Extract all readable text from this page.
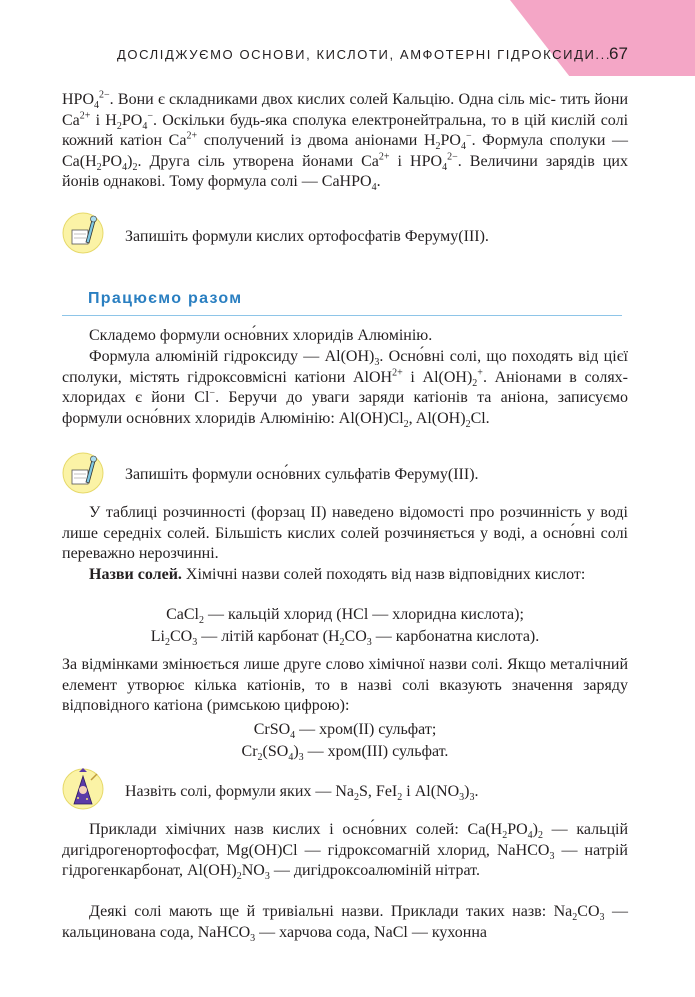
ДОСЛІДЖУЄМО ОСНОВИ, КИСЛОТИ, АМФОТЕРНІ ГІДРОКСИДИ...
67
$HPO_4^{2-}$. Вони є складниками двох кислих солей Кальцію. Одна сіль міс- тить йони $Ca^{2+}$ і $H_2PO_4^-$. Оскільки будь-яка сполука електронейтральна, то в цій кислій солі кожний катіон $Ca^{2+}$ сполучений із двома аніонами $H_2PO_4^-$. Формула сполуки — $Ca(H_2PO_4)_2$. Друга сіль утворена йонами $Ca^{2+}$ і $HPO_4^{2-}$. Величини зарядів цих йонів однакові. Тому формула солі — CaHPO$_4$.
Запишіть формули кислих ортофосфатів Феруму(III).
Працюємо разом
Складемо формули осно́вних хлоридів Алюмінію.
Формула алюміній гідроксиду — $Al(OH)_3$. Осно́вні солі, що походять від цієї сполуки, містять гідроксовмісні катіони AlOH$^{2+}$ і $Al(OH)_2^+$. Аніонами в солях-хлоридах є йони Cl−. Беручи до уваги заряди катіонів та аніона, записуємо формули осно́вних хлоридів Алюмінію: $Al(OH)Cl_2$, $Al(OH)_2Cl$.
Запишіть формули осно́вних сульфатів Феруму(III).
У таблиці розчинності (форзац ІІ) наведено відомості про розчинність у воді лише середніх солей. Більшість кислих солей розчиняється у воді, а осно́вні солі переважно нерозчинні.
Назви солей. Хімічні назви солей походять від назв відповідних кислот:
CaCl$_2$ — кальцій хлорид (HCl — хлоридна кислота);
$Li_2CO_3$ — літій карбонат ($H_2CO_3$ — карбонатна кислота).
За відмінками змінюється лише друге слово хімічної назви солі. Якщо металічний елемент утворює кілька катіонів, то в назві солі вказують значення заряду відповідного катіона (римською цифрою):
CrSO$_4$ — хром(II) сульфат;
$Cr_2(SO_4)_3$ — хром(III) сульфат.
Назвіть солі, формули яких — $Na_2S$, FeI$_2$ і $Al(NO_3)_3$.
Приклади хімічних назв кислих і осно́вних солей: $Ca(H_2PO_4)_2$ — кальцій дигідрогенортофосфат, Mg(OH)Cl — гідроксомагній хлорид, NaHCO$_3$ — натрій гідрогенкарбонат, $Al(OH)_2NO_3$ — дигідроксоалюміній нітрат.
Деякі солі мають ще й тривіальні назви. Приклади таких назв: $Na_2CO_3$ — кальцинована сода, NaHCO$_3$ — харчова сода, NaCl — кухонна
